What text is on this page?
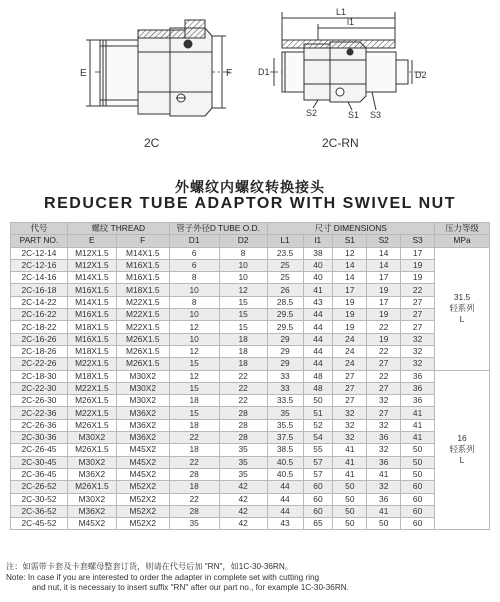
E	F
L1
l1
D1	D2
S2	S1 S3
2C	2C-RN
外螺纹内螺纹转换接头
REDUCER TUBE ADAPTOR WITH SWIVEL NUT
代号	螺纹 THREAD		管子外径D TUBE O.D.		尺寸 DIMENSIONS					压力等级
PART NO.	E	F	D1	D2	L1	l1	S1	S2	S3	MPa
2C-12-14	M12X1.5	M14X1.5	6	8	23.5	38	12	14	17	31.5
轻系列
L

2C-12-16	M12X1.5	M16X1.5	6	10	25	40	14	14	19	
2C-14-16	M14X1.5	M16X1.5	8	10	25	40	14	17	19	
2C-16-18	M16X1.5	M18X1.5	10	12	26	41	17	19	22	
2C-14-22	M14X1.5	M22X1.5	8	15	28.5	43	19	17	27	
2C-16-22	M16X1.5	M22X1.5	10	15	29.5	44	19	19	27	
2C-18-22	M18X1.5	M22X1.5	12	15	29.5	44	19	22	27	
2C-16-26	M16X1.5	M26X1.5	10	18	29	44	24	19	32	
2C-18-26	M18X1.5	M26X1.5	12	18	29	44	24	22	32	
2C-22-26	M22X1.5	M26X1.5	15	18	29	44	24	27	32	
2C-18-30	M18X1.5	M30X2	12	22	33	48	27	22	36	16
轻系列
L

2C-22-30	M22X1.5	M30X2	15	22	33	48	27	27	36	
2C-26-30	M26X1.5	M30X2	18	22	33.5	50	27	32	36	
2C-22-36	M22X1.5	M36X2	15	28	35	51	32	27	41	
2C-26-36	M26X1.5	M36X2	18	28	35.5	52	32	32	41	
2C-30-36	M30X2	M36X2	22	28	37.5	54	32	36	41	
2C-26-45	M26X1.5	M45X2	18	35	38.5	55	41	32	50	
2C-30-45	M30X2	M45X2	22	35	40.5	57	41	36	50	
2C-36-45	M36X2	M45X2	28	35	40.5	57	41	41	50	
2C-26-52	M26X1.5	M52X2	18	42	44	60	50	32	60	
2C-30-52	M30X2	M52X2	22	42	44	60	50	36	60	
2C-36-52	M36X2	M52X2	28	42	44	60	50	41	60	
2C-45-52	M45X2	M52X2	35	42	43	65	50	50	60	
注：如需带卡套及卡套螺母整套订货，则请在代号后加 "RN"，如1C-30-36RN。
Note: In case if you are interested to order the adapter in complete set with cutting ring
and nut, it is necessary to insert suffix "RN" after our part no., for example 1C-30-36RN.
